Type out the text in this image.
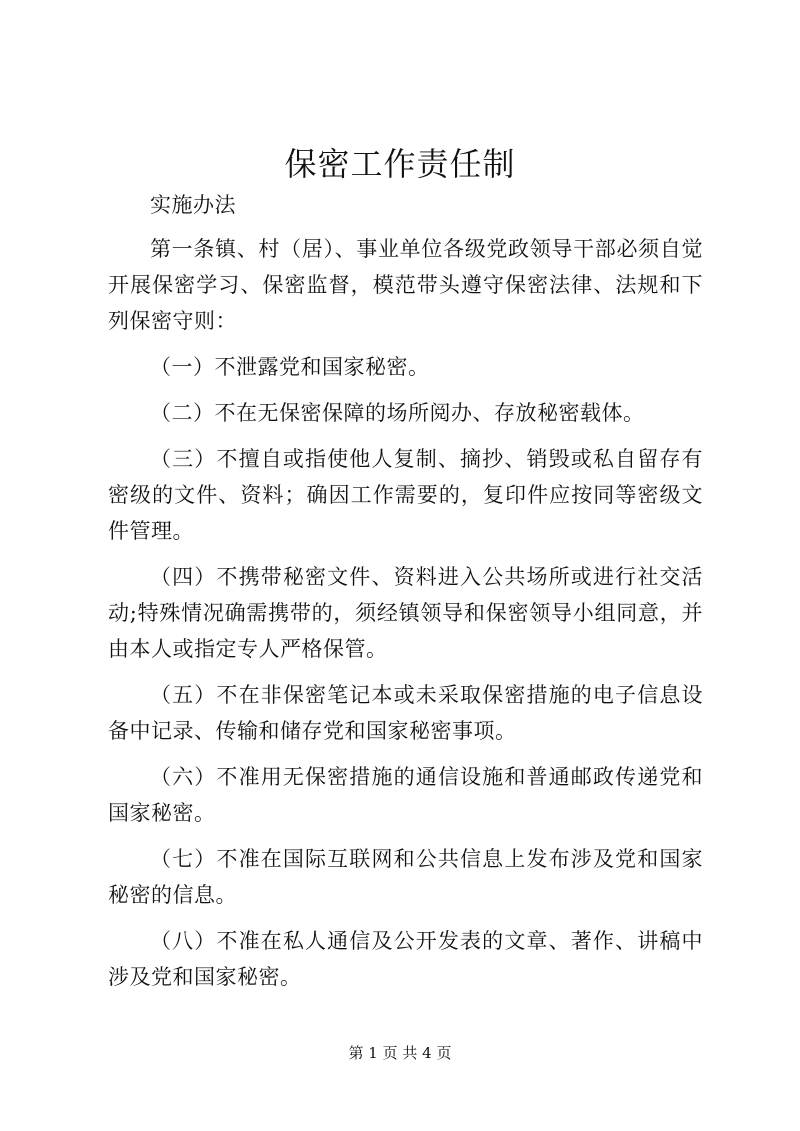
保密工作责任制

实施办法

第一条镇、村（居）、事业单位各级党政领导干部必须自觉开展保密学习、保密监督，模范带头遵守保密法律、法规和下列保密守则：

（一）不泄露党和国家秘密。

（二）不在无保密保障的场所阅办、存放秘密载体。

（三）不擅自或指使他人复制、摘抄、销毁或私自留存有密级的文件、资料；确因工作需要的，复印件应按同等密级文件管理。

（四）不携带秘密文件、资料进入公共场所或进行社交活动;特殊情况确需携带的，须经镇领导和保密领导小组同意，并由本人或指定专人严格保管。

（五）不在非保密笔记本或未采取保密措施的电子信息设备中记录、传输和储存党和国家秘密事项。

（六）不准用无保密措施的通信设施和普通邮政传递党和国家秘密。

（七）不准在国际互联网和公共信息上发布涉及党和国家秘密的信息。

（八）不准在私人通信及公开发表的文章、著作、讲稿中涉及党和国家秘密。

第 1 页 共 4 页
